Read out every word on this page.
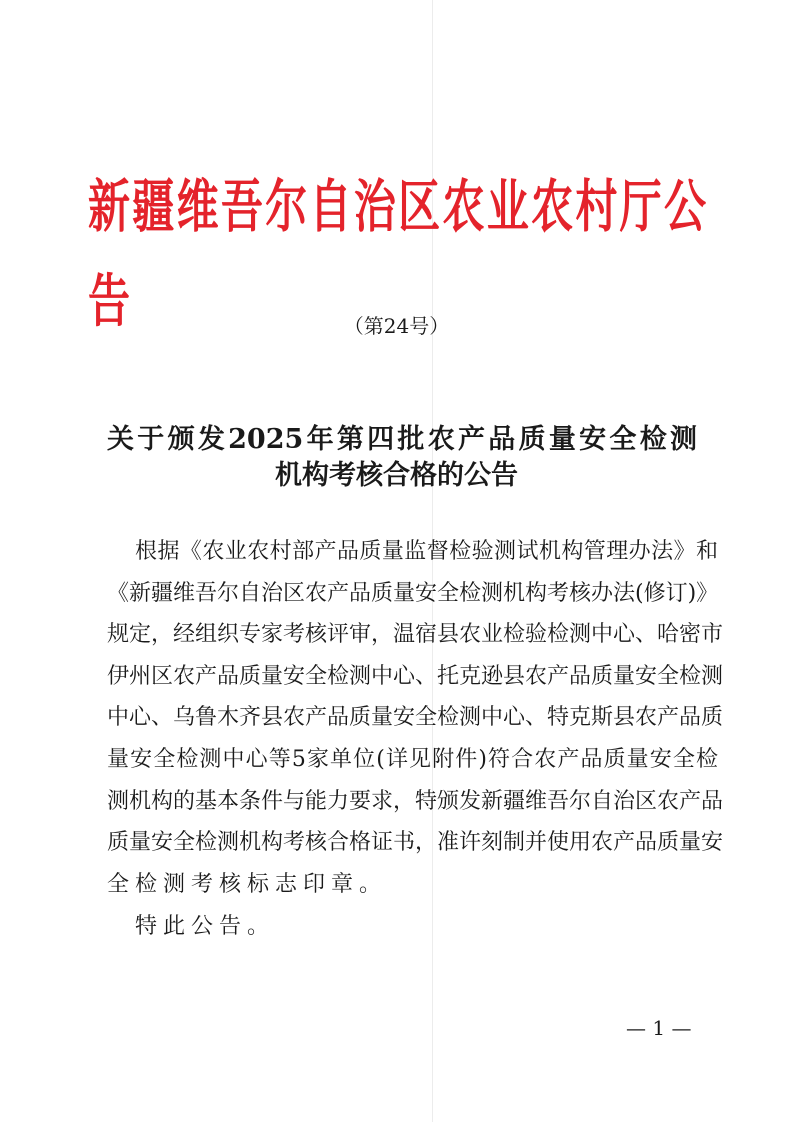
新疆维吾尔自治区农业农村厅公告	（第24号）
关于颁发2025年第四批农产品质量安全检测
机构考核合格的公告
根据《农业农村部产品质量监督检验测试机构管理办法》和
《新疆维吾尔自治区农产品质量安全检测机构考核办法(修订)》
规定，经组织专家考核评审，温宿县农业检验检测中心、哈密市
伊州区农产品质量安全检测中心、托克逊县农产品质量安全检测
中心、乌鲁木齐县农产品质量安全检测中心、特克斯县农产品质
量安全检测中心等5家单位(详见附件)符合农产品质量安全检
测机构的基本条件与能力要求，特颁发新疆维吾尔自治区农产品
质量安全检测机构考核合格证书，准许刻制并使用农产品质量安
全检测考核标志印章。
特此公告。
— 1 —
